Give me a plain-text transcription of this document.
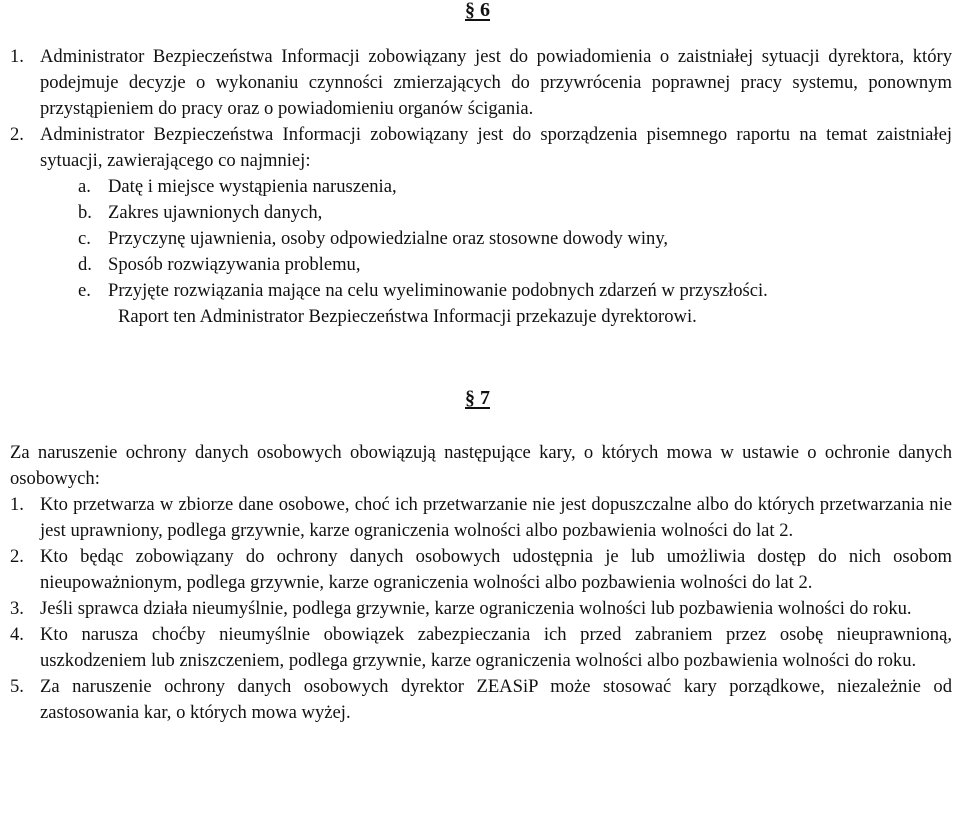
§ 6
1. Administrator Bezpieczeństwa Informacji zobowiązany jest do powiadomienia o zaistniałej sytuacji dyrektora, który podejmuje decyzje o wykonaniu czynności zmierzających do przywrócenia poprawnej pracy systemu, ponownym przystąpieniem do pracy oraz o powiadomieniu organów ścigania.
2. Administrator Bezpieczeństwa Informacji zobowiązany jest do sporządzenia pisemnego raportu na temat zaistniałej sytuacji, zawierającego co najmniej:
a. Datę i miejsce wystąpienia naruszenia,
b. Zakres ujawnionych danych,
c. Przyczynę ujawnienia, osoby odpowiedzialne oraz stosowne dowody winy,
d. Sposób rozwiązywania problemu,
e. Przyjęte rozwiązania mające na celu wyeliminowanie podobnych zdarzeń w przyszłości.
Raport ten Administrator Bezpieczeństwa Informacji przekazuje dyrektorowi.
§ 7

Za naruszenie ochrony danych osobowych obowiązują następujące kary, o których mowa w ustawie o ochronie danych osobowych:

1. Kto przetwarza w zbiorze dane osobowe, choć ich przetwarzanie nie jest dopuszczalne albo do których przetwarzania nie jest uprawniony, podlega grzywnie, karze ograniczenia wolności albo pozbawienia wolności do lat 2.
2. Kto będąc zobowiązany do ochrony danych osobowych udostępnia je lub umożliwia dostęp do nich osobom nieupoważnionym, podlega grzywnie, karze ograniczenia wolności albo pozbawienia wolności do lat 2.
3. Jeśli sprawca działa nieumyślnie, podlega grzywnie, karze ograniczenia wolności lub pozbawienia wolności do roku.
4. Kto narusza choćby nieumyślnie obowiązek zabezpieczania ich przed zabraniem przez osobę nieuprawnioną, uszkodzeniem lub zniszczeniem, podlega grzywnie, karze ograniczenia wolności albo pozbawienia wolności do roku.
5. Za naruszenie ochrony danych osobowych dyrektor ZEASiP może stosować kary porządkowe, niezależnie od zastosowania kar, o których mowa wyżej.
